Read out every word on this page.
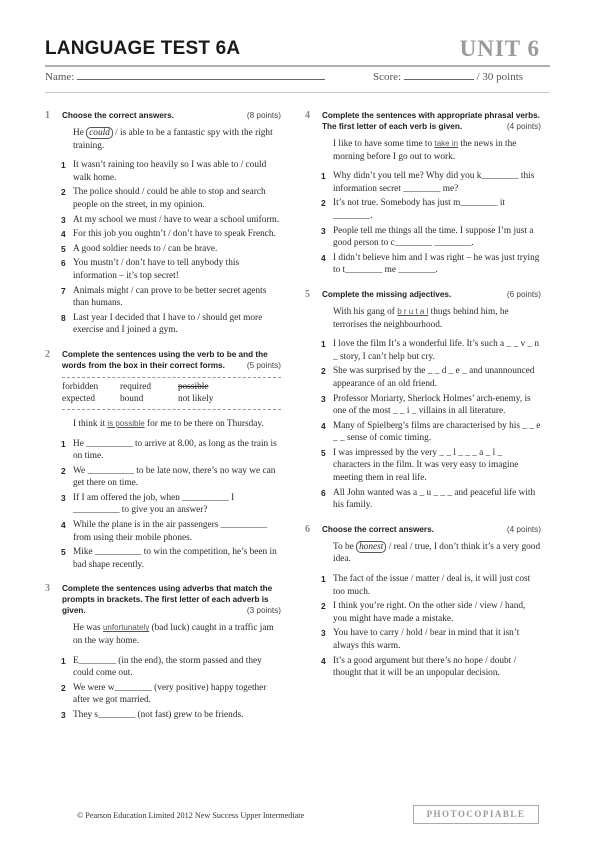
LANGUAGE TEST 6A	UNIT 6
Name:	Score:	/ 30 points
1	(8 points)
Choose the correct answers.
He could / is able to be a fantastic spy with the right training.
1 It wasn’t raining too heavily so I was able to / could walk home.
2 The police should / could be able to stop and search people on the street, in my opinion.
3 At my school we must / have to wear a school uniform.
4 For this job you oughtn’t / don’t have to speak French.
5 A good soldier needs to / can be brave.
6 You mustn’t / don’t have to tell anybody this information – it’s top secret!
7 Animals might / can prove to be better secret agents than humans.
8 Last year I decided that I have to / should get more exercise and I joined a gym.
2
(5 points)
Complete the sentences using the verb to be and the words from the box in their correct forms.
forbidden required	possible
expected	bound	not likely
I think it is possible for me to be there on Thursday.
1 He __________ to arrive at 8.00, as long as the train is on time.
2 We __________ to be late now, there’s no way we can get there on time.
3 If I am offered the job, when __________ I __________ to give you an answer?
4 While the plane is in the air passengers __________ from using their mobile phones.
5 Mike __________ to win the competition, he’s been in bad shape recently.
3
(3 points)
Complete the sentences using adverbs that match the prompts in brackets. The first letter of each adverb is given.
He was unfortunately (bad luck) caught in a traffic jam on the way home.
1 E________ (in the end), the storm passed and they could come out.
2 We were w________ (very positive) happy together after we got married.
3 They s________ (not fast) grew to be friends.
4
(4 points)
Complete the sentences with appropriate phrasal verbs. The first letter of each verb is given.
I like to have some time to take in the news in the morning before I go out to work.
1 Why didn’t you tell me? Why did you k________ this information secret ________ me?
2 It’s not true. Somebody has just m________ it ________.
3 People tell me things all the time. I suppose I’m just a good person to c________ ________.
4 I didn’t believe him and I was right – he was just trying to t________ me ________.
5	(6 points)
Complete the missing adjectives.
With his gang of b r u t a l thugs behind him, he terrorises the neighbourhood.
1 I love the film It’s a wonderful life. It’s such a _ _ v _ n _ story, I can’t help but cry.
2 She was surprised by the _ _ d _ e _ and unannounced appearance of an old friend.
3 Professor Moriarty, Sherlock Holmes’ arch-enemy, is one of the most _ _ i _ villains in all literature.
4 Many of Spielberg’s films are characterised by his _ _ e _ _ sense of comic timing.
5 I was impressed by the very _ _ l _ _ _ a _ l _ characters in the film. It was very easy to imagine meeting them in real life.
6 All John wanted was a _ u _ _ _ and peaceful life with his family.
6	(4 points)
Choose the correct answers.
To be honest / real / true, I don’t think it’s a very good idea.
1 The fact of the issue / matter / deal is, it will just cost too much.
2 I think you’re right. On the other side / view / hand, you might have made a mistake.
3 You have to carry / hold / bear in mind that it isn’t always this warm.
4 It’s a good argument but there’s no hope / doubt / thought that it will be an unpopular decision.
© Pearson Education Limited 2012 New Success Upper Intermediate	PHOTOCOPIABLE
